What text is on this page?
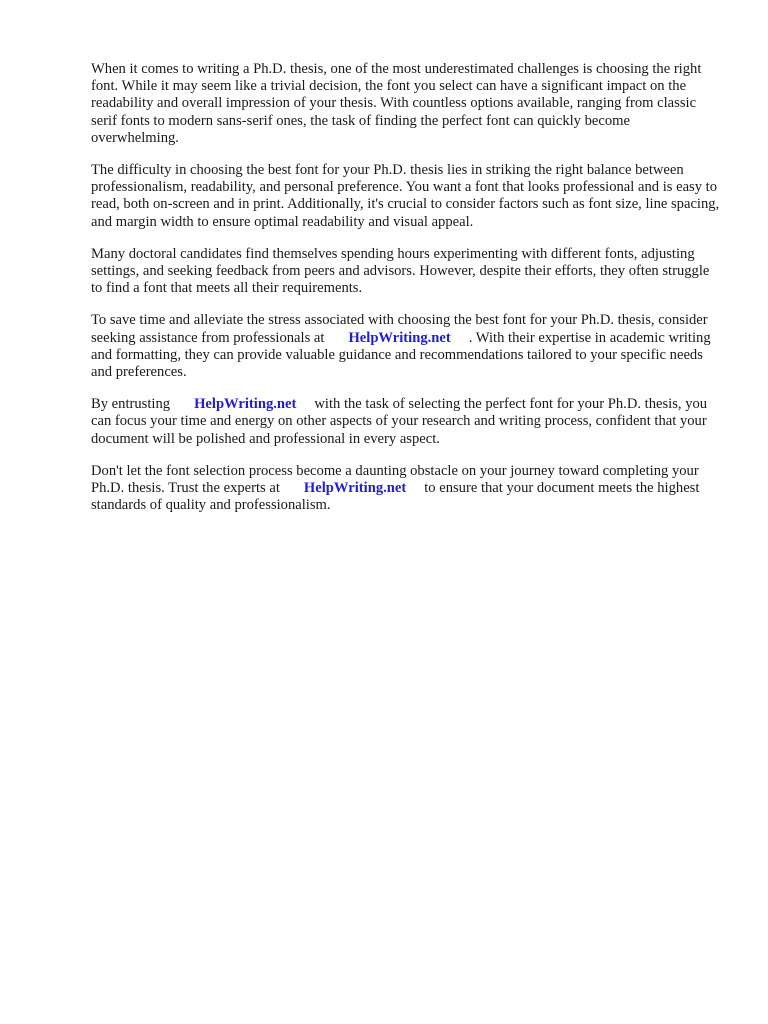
When it comes to writing a Ph.D. thesis, one of the most underestimated challenges is choosing the right font. While it may seem like a trivial decision, the font you select can have a significant impact on the readability and overall impression of your thesis. With countless options available, ranging from classic serif fonts to modern sans-serif ones, the task of finding the perfect font can quickly become overwhelming.

The difficulty in choosing the best font for your Ph.D. thesis lies in striking the right balance between professionalism, readability, and personal preference. You want a font that looks professional and is easy to read, both on-screen and in print. Additionally, it's crucial to consider factors such as font size, line spacing, and margin width to ensure optimal readability and visual appeal.

Many doctoral candidates find themselves spending hours experimenting with different fonts, adjusting settings, and seeking feedback from peers and advisors. However, despite their efforts, they often struggle to find a font that meets all their requirements.

To save time and alleviate the stress associated with choosing the best font for your Ph.D. thesis, consider seeking assistance from professionals at HelpWriting.net . With their expertise in academic writing and formatting, they can provide valuable guidance and recommendations tailored to your specific needs and preferences.

By entrusting HelpWriting.net with the task of selecting the perfect font for your Ph.D. thesis, you can focus your time and energy on other aspects of your research and writing process, confident that your document will be polished and professional in every aspect.

Don't let the font selection process become a daunting obstacle on your journey toward completing your Ph.D. thesis. Trust the experts at HelpWriting.net to ensure that your document meets the highest standards of quality and professionalism.
